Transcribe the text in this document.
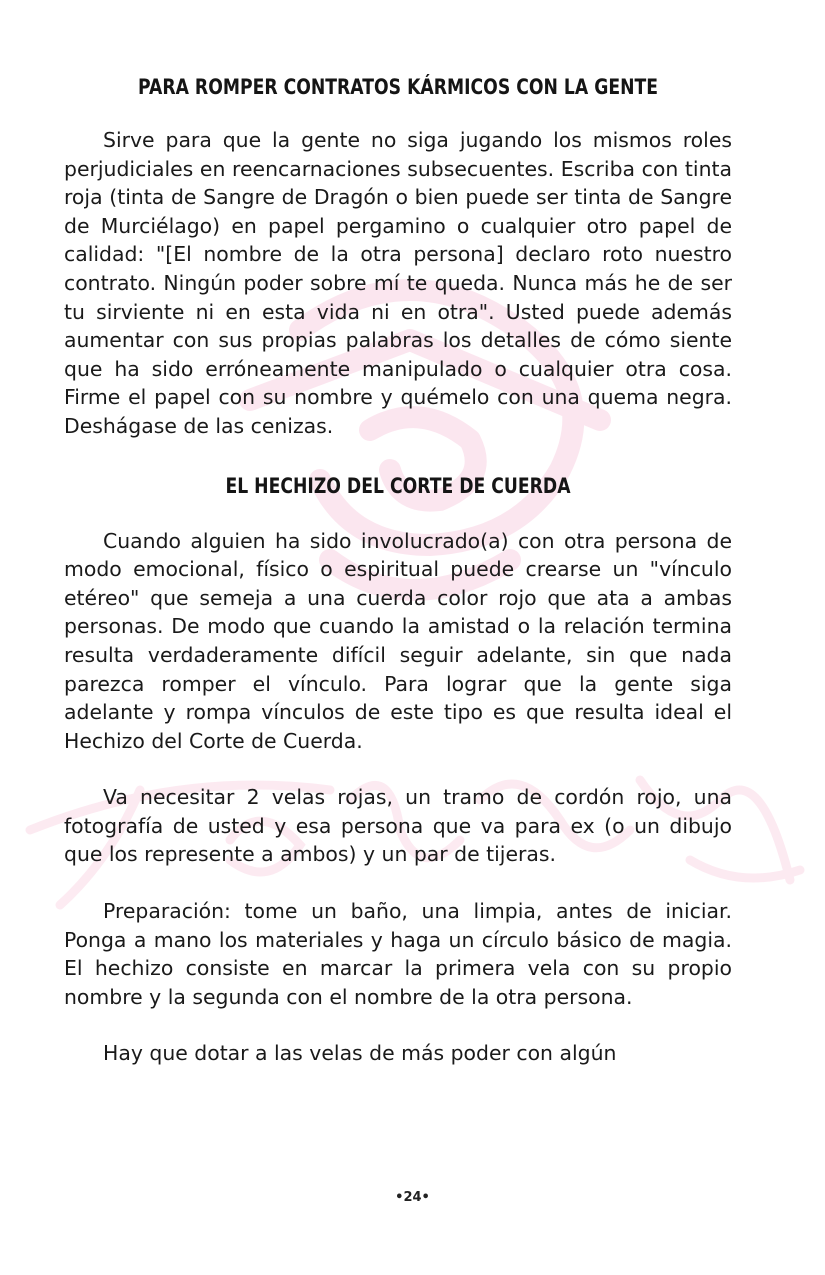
PARA ROMPER CONTRATOS KÁRMICOS CON LA GENTE

Sirve para que la gente no siga jugando los mismos roles perjudiciales en reencarnaciones subsecuentes. Escriba con tinta roja (tinta de Sangre de Dragón o bien puede ser tinta de Sangre de Murciélago) en papel pergamino o cualquier otro papel de calidad: "[El nombre de la otra persona] declaro roto nuestro contrato. Ningún poder sobre mí te queda. Nunca más he de ser tu sirviente ni en esta vida ni en otra". Usted puede además aumentar con sus propias palabras los detalles de cómo siente que ha sido erróneamente manipulado o cualquier otra cosa. Firme el papel con su nombre y quémelo con una quema negra. Deshágase de las cenizas.

EL HECHIZO DEL CORTE DE CUERDA

Cuando alguien ha sido involucrado(a) con otra persona de modo emocional, físico o espiritual puede crearse un "vínculo etéreo" que semeja a una cuerda color rojo que ata a ambas personas. De modo que cuando la amistad o la relación termina resulta verdaderamente difícil seguir adelante, sin que nada parezca romper el vínculo. Para lograr que la gente siga adelante y rompa vínculos de este tipo es que resulta ideal el Hechizo del Corte de Cuerda.

Va necesitar 2 velas rojas, un tramo de cordón rojo, una fotografía de usted y esa persona que va para ex (o un dibujo que los represente a ambos) y un par de tijeras.

Preparación: tome un baño, una limpia, antes de iniciar. Ponga a mano los materiales y haga un círculo básico de magia. El hechizo consiste en marcar la primera vela con su propio nombre y la segunda con el nombre de la otra persona.

Hay que dotar a las velas de más poder con algún

•24•
